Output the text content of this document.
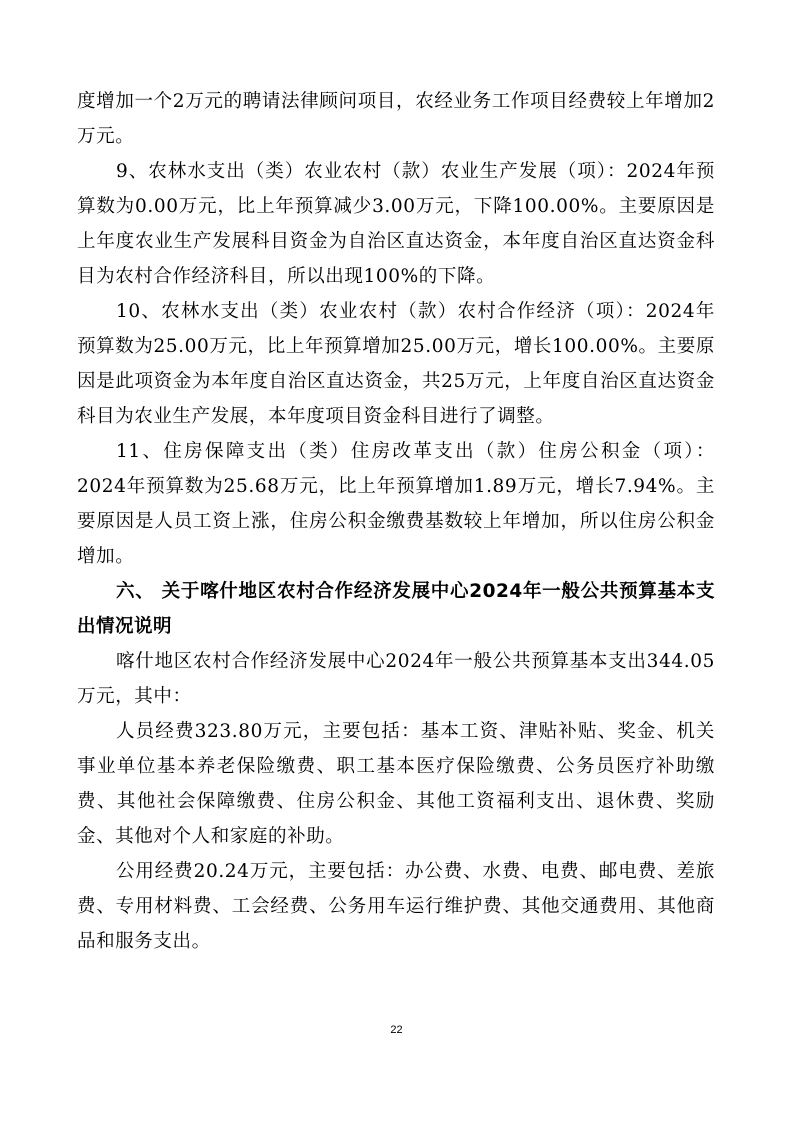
度增加一个2万元的聘请法律顾问项目，农经业务工作项目经费较上年增加2万元。

9、农林水支出（类）农业农村（款）农业生产发展（项）：2024年预算数为0.00万元，比上年预算减少3.00万元，下降100.00%。主要原因是上年度农业生产发展科目资金为自治区直达资金，本年度自治区直达资金科目为农村合作经济科目，所以出现100%的下降。

10、农林水支出（类）农业农村（款）农村合作经济（项）：2024年预算数为25.00万元，比上年预算增加25.00万元，增长100.00%。主要原因是此项资金为本年度自治区直达资金，共25万元，上年度自治区直达资金科目为农业生产发展，本年度项目资金科目进行了调整。

11、住房保障支出（类）住房改革支出（款）住房公积金（项）：2024年预算数为25.68万元，比上年预算增加1.89万元，增长7.94%。主要原因是人员工资上涨，住房公积金缴费基数较上年增加，所以住房公积金增加。

六、 关于喀什地区农村合作经济发展中心2024年一般公共预算基本支出情况说明

喀什地区农村合作经济发展中心2024年一般公共预算基本支出344.05万元，其中：

人员经费323.80万元，主要包括：基本工资、津贴补贴、奖金、机关事业单位基本养老保险缴费、职工基本医疗保险缴费、公务员医疗补助缴费、其他社会保障缴费、住房公积金、其他工资福利支出、退休费、奖励金、其他对个人和家庭的补助。

公用经费20.24万元，主要包括：办公费、水费、电费、邮电费、差旅费、专用材料费、工会经费、公务用车运行维护费、其他交通费用、其他商品和服务支出。

22
